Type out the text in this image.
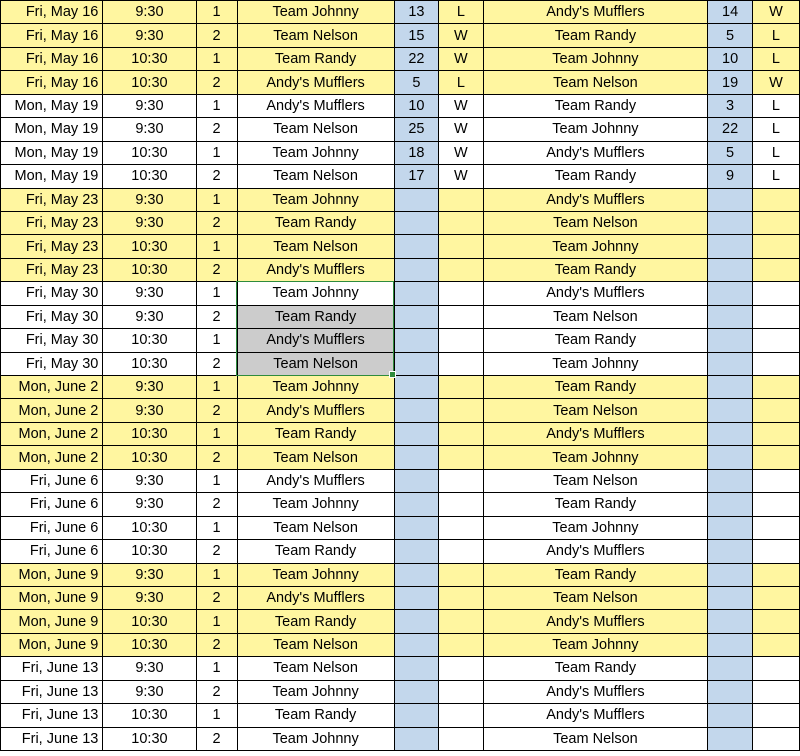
Fri, May 16	9:30	1	Team Johnny	13	L	Andy's Mufflers	14	W
Fri, May 16	9:30	2	Team Nelson	15	W	Team Randy	5	L
Fri, May 16	10:30	1	Team Randy	22	W	Team Johnny	10	L
Fri, May 16	10:30	2	Andy's Mufflers	5	L	Team Nelson	19	W
Mon, May 19	9:30	1	Andy's Mufflers	10	W	Team Randy	3	L
Mon, May 19	9:30	2	Team Nelson	25	W	Team Johnny	22	L
Mon, May 19	10:30	1	Team Johnny	18	W	Andy's Mufflers	5	L
Mon, May 19	10:30	2	Team Nelson	17	W	Team Randy	9	L
Fri, May 23	9:30	1	Team Johnny			Andy's Mufflers		
Fri, May 23	9:30	2	Team Randy			Team Nelson		
Fri, May 23	10:30	1	Team Nelson			Team Johnny		
Fri, May 23	10:30	2	Andy's Mufflers			Team Randy		
Fri, May 30	9:30	1	Team Johnny			Andy's Mufflers		
Fri, May 30	9:30	2	Team Randy			Team Nelson		
Fri, May 30	10:30	1	Andy's Mufflers			Team Randy		
Fri, May 30	10:30	2	Team Nelson			Team Johnny		
Mon, June 2	9:30	1	Team Johnny			Team Randy		
Mon, June 2	9:30	2	Andy's Mufflers			Team Nelson		
Mon, June 2	10:30	1	Team Randy			Andy's Mufflers		
Mon, June 2	10:30	2	Team Nelson			Team Johnny		
Fri, June 6	9:30	1	Andy's Mufflers			Team Nelson		
Fri, June 6	9:30	2	Team Johnny			Team Randy		
Fri, June 6	10:30	1	Team Nelson			Team Johnny		
Fri, June 6	10:30	2	Team Randy			Andy's Mufflers		
Mon, June 9	9:30	1	Team Johnny			Team Randy		
Mon, June 9	9:30	2	Andy's Mufflers			Team Nelson		
Mon, June 9	10:30	1	Team Randy			Andy's Mufflers		
Mon, June 9	10:30	2	Team Nelson			Team Johnny		
Fri, June 13	9:30	1	Team Nelson			Team Randy		
Fri, June 13	9:30	2	Team Johnny			Andy's Mufflers		
Fri, June 13	10:30	1	Team Randy			Andy's Mufflers		
Fri, June 13	10:30	2	Team Johnny			Team Nelson		
